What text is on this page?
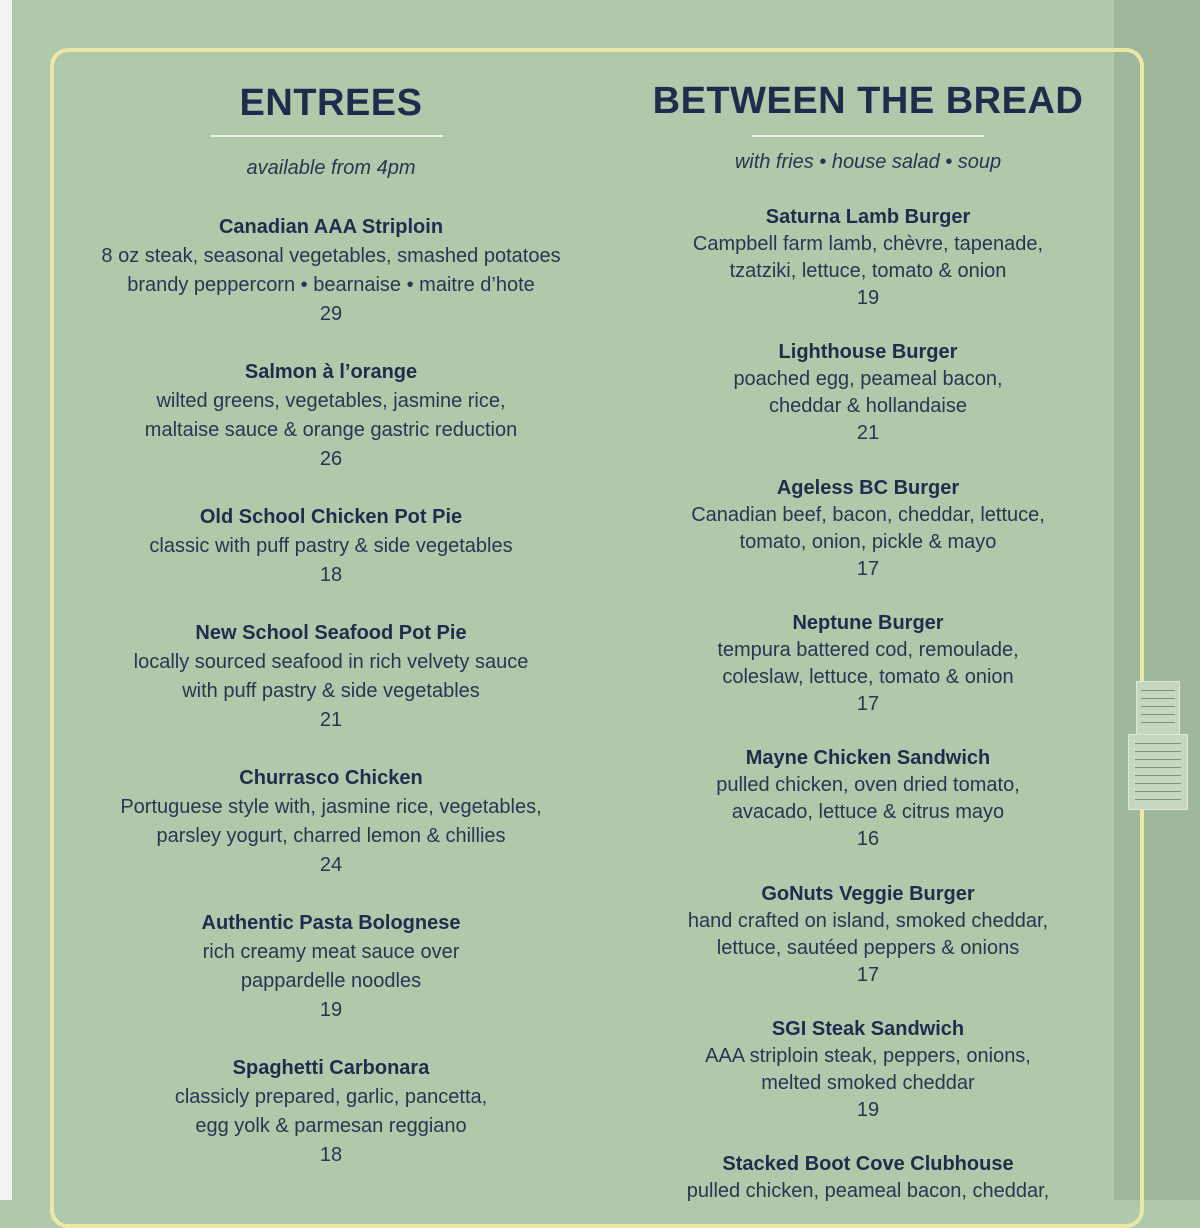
ENTREES
available from 4pm
Canadian AAA Striploin
8 oz steak, seasonal vegetables, smashed potatoes
brandy peppercorn • bearnaise • maitre d’hote
29
Salmon à l’orange
wilted greens, vegetables, jasmine rice,
maltaise sauce & orange gastric reduction
26
Old School Chicken Pot Pie
classic with puff pastry & side vegetables
18
New School Seafood Pot Pie
locally sourced seafood in rich velvety sauce
with puff pastry & side vegetables
21
Churrasco Chicken
Portuguese style with, jasmine rice, vegetables,
parsley yogurt, charred lemon & chillies
24
Authentic Pasta Bolognese
rich creamy meat sauce over
pappardelle noodles
19
Spaghetti Carbonara
classicly prepared, garlic, pancetta,
egg yolk & parmesan reggiano
18
BETWEEN THE BREAD
with fries • house salad • soup
Saturna Lamb Burger
Campbell farm lamb, chèvre, tapenade,
tzatziki, lettuce, tomato & onion
19
Lighthouse Burger
poached egg, peameal bacon,
cheddar & hollandaise
21
Ageless BC Burger
Canadian beef, bacon, cheddar, lettuce,
tomato, onion, pickle & mayo
17
Neptune Burger
tempura battered cod, remoulade,
coleslaw, lettuce, tomato & onion
17
Mayne Chicken Sandwich
pulled chicken, oven dried tomato,
avacado, lettuce & citrus mayo
16
GoNuts Veggie Burger
hand crafted on island, smoked cheddar,
lettuce, sautéed peppers & onions
17
SGI Steak Sandwich
AAA striploin steak, peppers, onions,
melted smoked cheddar
19
Stacked Boot Cove Clubhouse
pulled chicken, peameal bacon, cheddar,
